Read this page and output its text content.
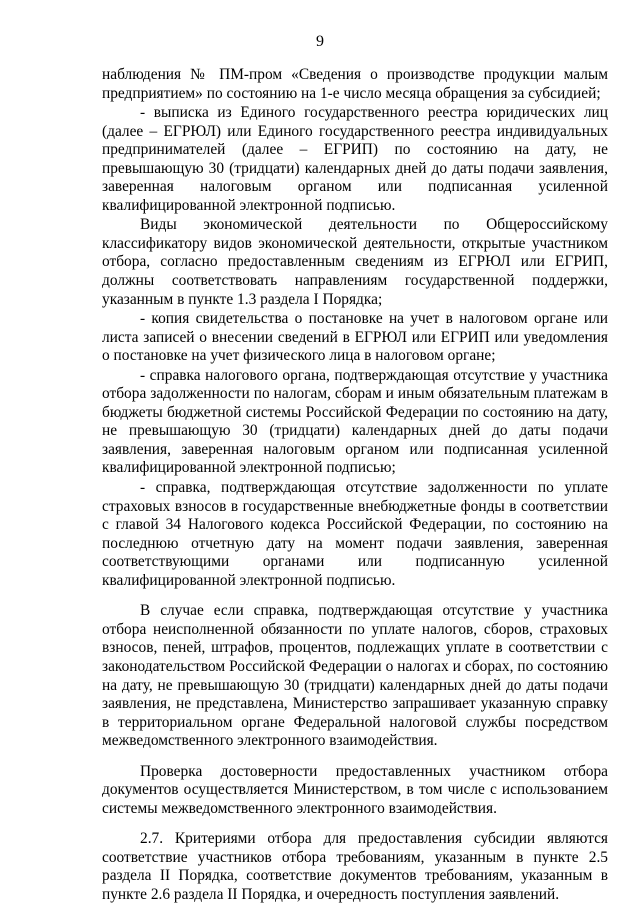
9

наблюдения № ПМ-пром «Сведения о производстве продукции малым предприятием» по состоянию на 1-е число месяца обращения за субсидией;

- выписка из Единого государственного реестра юридических лиц (далее – ЕГРЮЛ) или Единого государственного реестра индивидуальных предпринимателей (далее – ЕГРИП) по состоянию на дату, не превышающую 30 (тридцати) календарных дней до даты подачи заявления, заверенная налоговым органом или подписанная усиленной квалифицированной электронной подписью.

Виды экономической деятельности по Общероссийскому классификатору видов экономической деятельности, открытые участником отбора, согласно предоставленным сведениям из ЕГРЮЛ или ЕГРИП, должны соответствовать направлениям государственной поддержки, указанным в пункте 1.3 раздела I Порядка;

- копия свидетельства о постановке на учет в налоговом органе или листа записей о внесении сведений в ЕГРЮЛ или ЕГРИП или уведомления о постановке на учет физического лица в налоговом органе;

- справка налогового органа, подтверждающая отсутствие у участника отбора задолженности по налогам, сборам и иным обязательным платежам в бюджеты бюджетной системы Российской Федерации по состоянию на дату, не превышающую 30 (тридцати) календарных дней до даты подачи заявления, заверенная налоговым органом или подписанная усиленной квалифицированной электронной подписью;

- справка, подтверждающая отсутствие задолженности по уплате страховых взносов в государственные внебюджетные фонды в соответствии с главой 34 Налогового кодекса Российской Федерации, по состоянию на последнюю отчетную дату на момент подачи заявления, заверенная соответствующими органами или подписанную усиленной квалифицированной электронной подписью.

В случае если справка, подтверждающая отсутствие у участника отбора неисполненной обязанности по уплате налогов, сборов, страховых взносов, пеней, штрафов, процентов, подлежащих уплате в соответствии с законодательством Российской Федерации о налогах и сборах, по состоянию на дату, не превышающую 30 (тридцати) календарных дней до даты подачи заявления, не представлена, Министерство запрашивает указанную справку в территориальном органе Федеральной налоговой службы посредством межведомственного электронного взаимодействия.

Проверка достоверности предоставленных участником отбора документов осуществляется Министерством, в том числе с использованием системы межведомственного электронного взаимодействия.

2.7. Критериями отбора для предоставления субсидии являются соответствие участников отбора требованиям, указанным в пункте 2.5 раздела II Порядка, соответствие документов требованиям, указанным в пункте 2.6 раздела II Порядка, и очередность поступления заявлений.
